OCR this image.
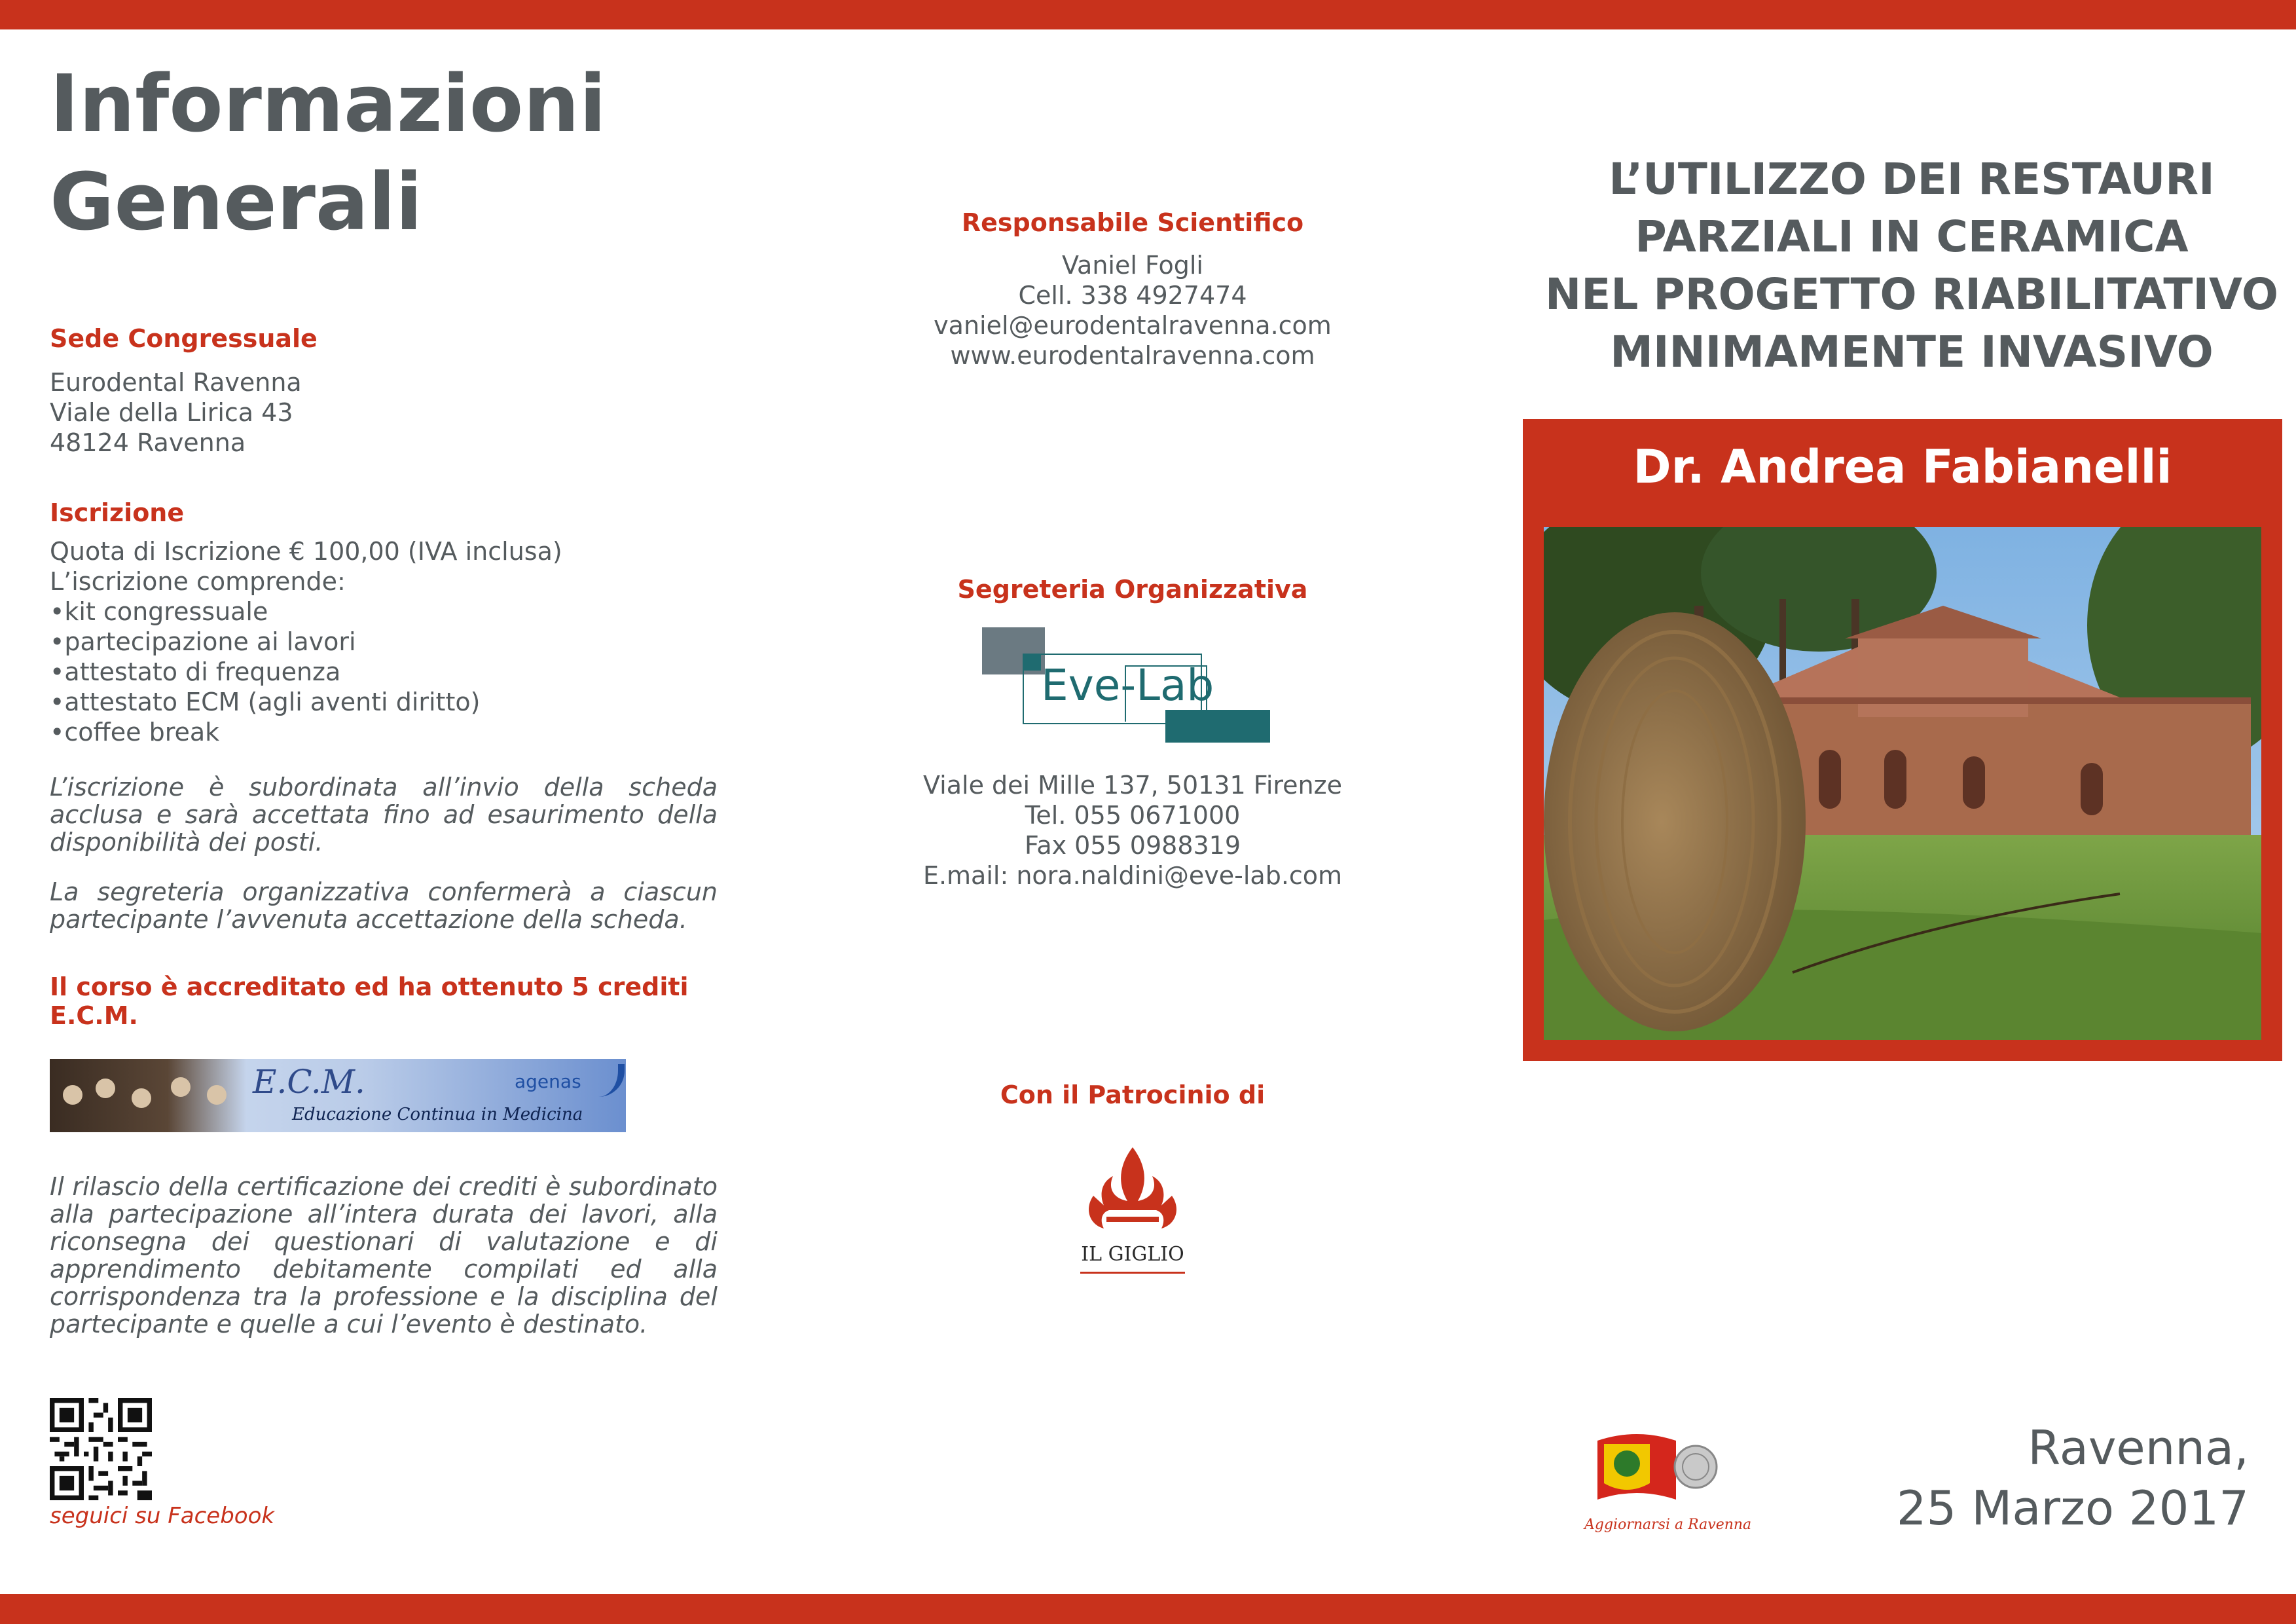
Informazioni
Generali
Sede Congressuale
Eurodental Ravenna
Viale della Lirica 43
48124 Ravenna
Iscrizione
Quota di Iscrizione € 100,00 (IVA inclusa)
L’iscrizione comprende:
•kit congressuale
•partecipazione ai lavori
•attestato di frequenza
•attestato ECM (agli aventi diritto)
•coffee break

L’iscrizione è subordinata all’invio della scheda acclusa e sarà accettata fino ad esaurimento della disponibilità dei posti.

La segreteria organizzativa confermerà a ciascun partecipante l’avvenuta accettazione della scheda.

Il corso è accreditato ed ha ottenuto 5 crediti E.C.M.
E.C.M.
Educazione Continua in Medicina
agenas

Il rilascio della certificazione dei crediti è subordinato alla partecipazione all’intera durata dei lavori, alla riconsegna dei questionari di valutazione e di apprendimento debitamente compilati ed alla corrispondenza tra la professione e la disciplina del partecipante e quelle a cui l’evento è destinato.

seguici su Facebook
Responsabile Scientifico
Vaniel Fogli
Cell. 338 4927474
vaniel@eurodentalravenna.com
www.eurodentalravenna.com
Segreteria Organizzativa
Eve-Lab
Viale dei Mille 137, 50131 Firenze
Tel. 055 0671000
Fax 055 0988319
E.mail: nora.naldini@eve-lab.com
Con il Patrocinio di
IL GIGLIO
L’UTILIZZO DEI RESTAURI
PARZIALI IN CERAMICA
NEL PROGETTO RIABILITATIVO
MINIMAMENTE INVASIVO
Dr. Andrea Fabianelli
Aggiornarsi a Ravenna
Ravenna,
25 Marzo 2017
